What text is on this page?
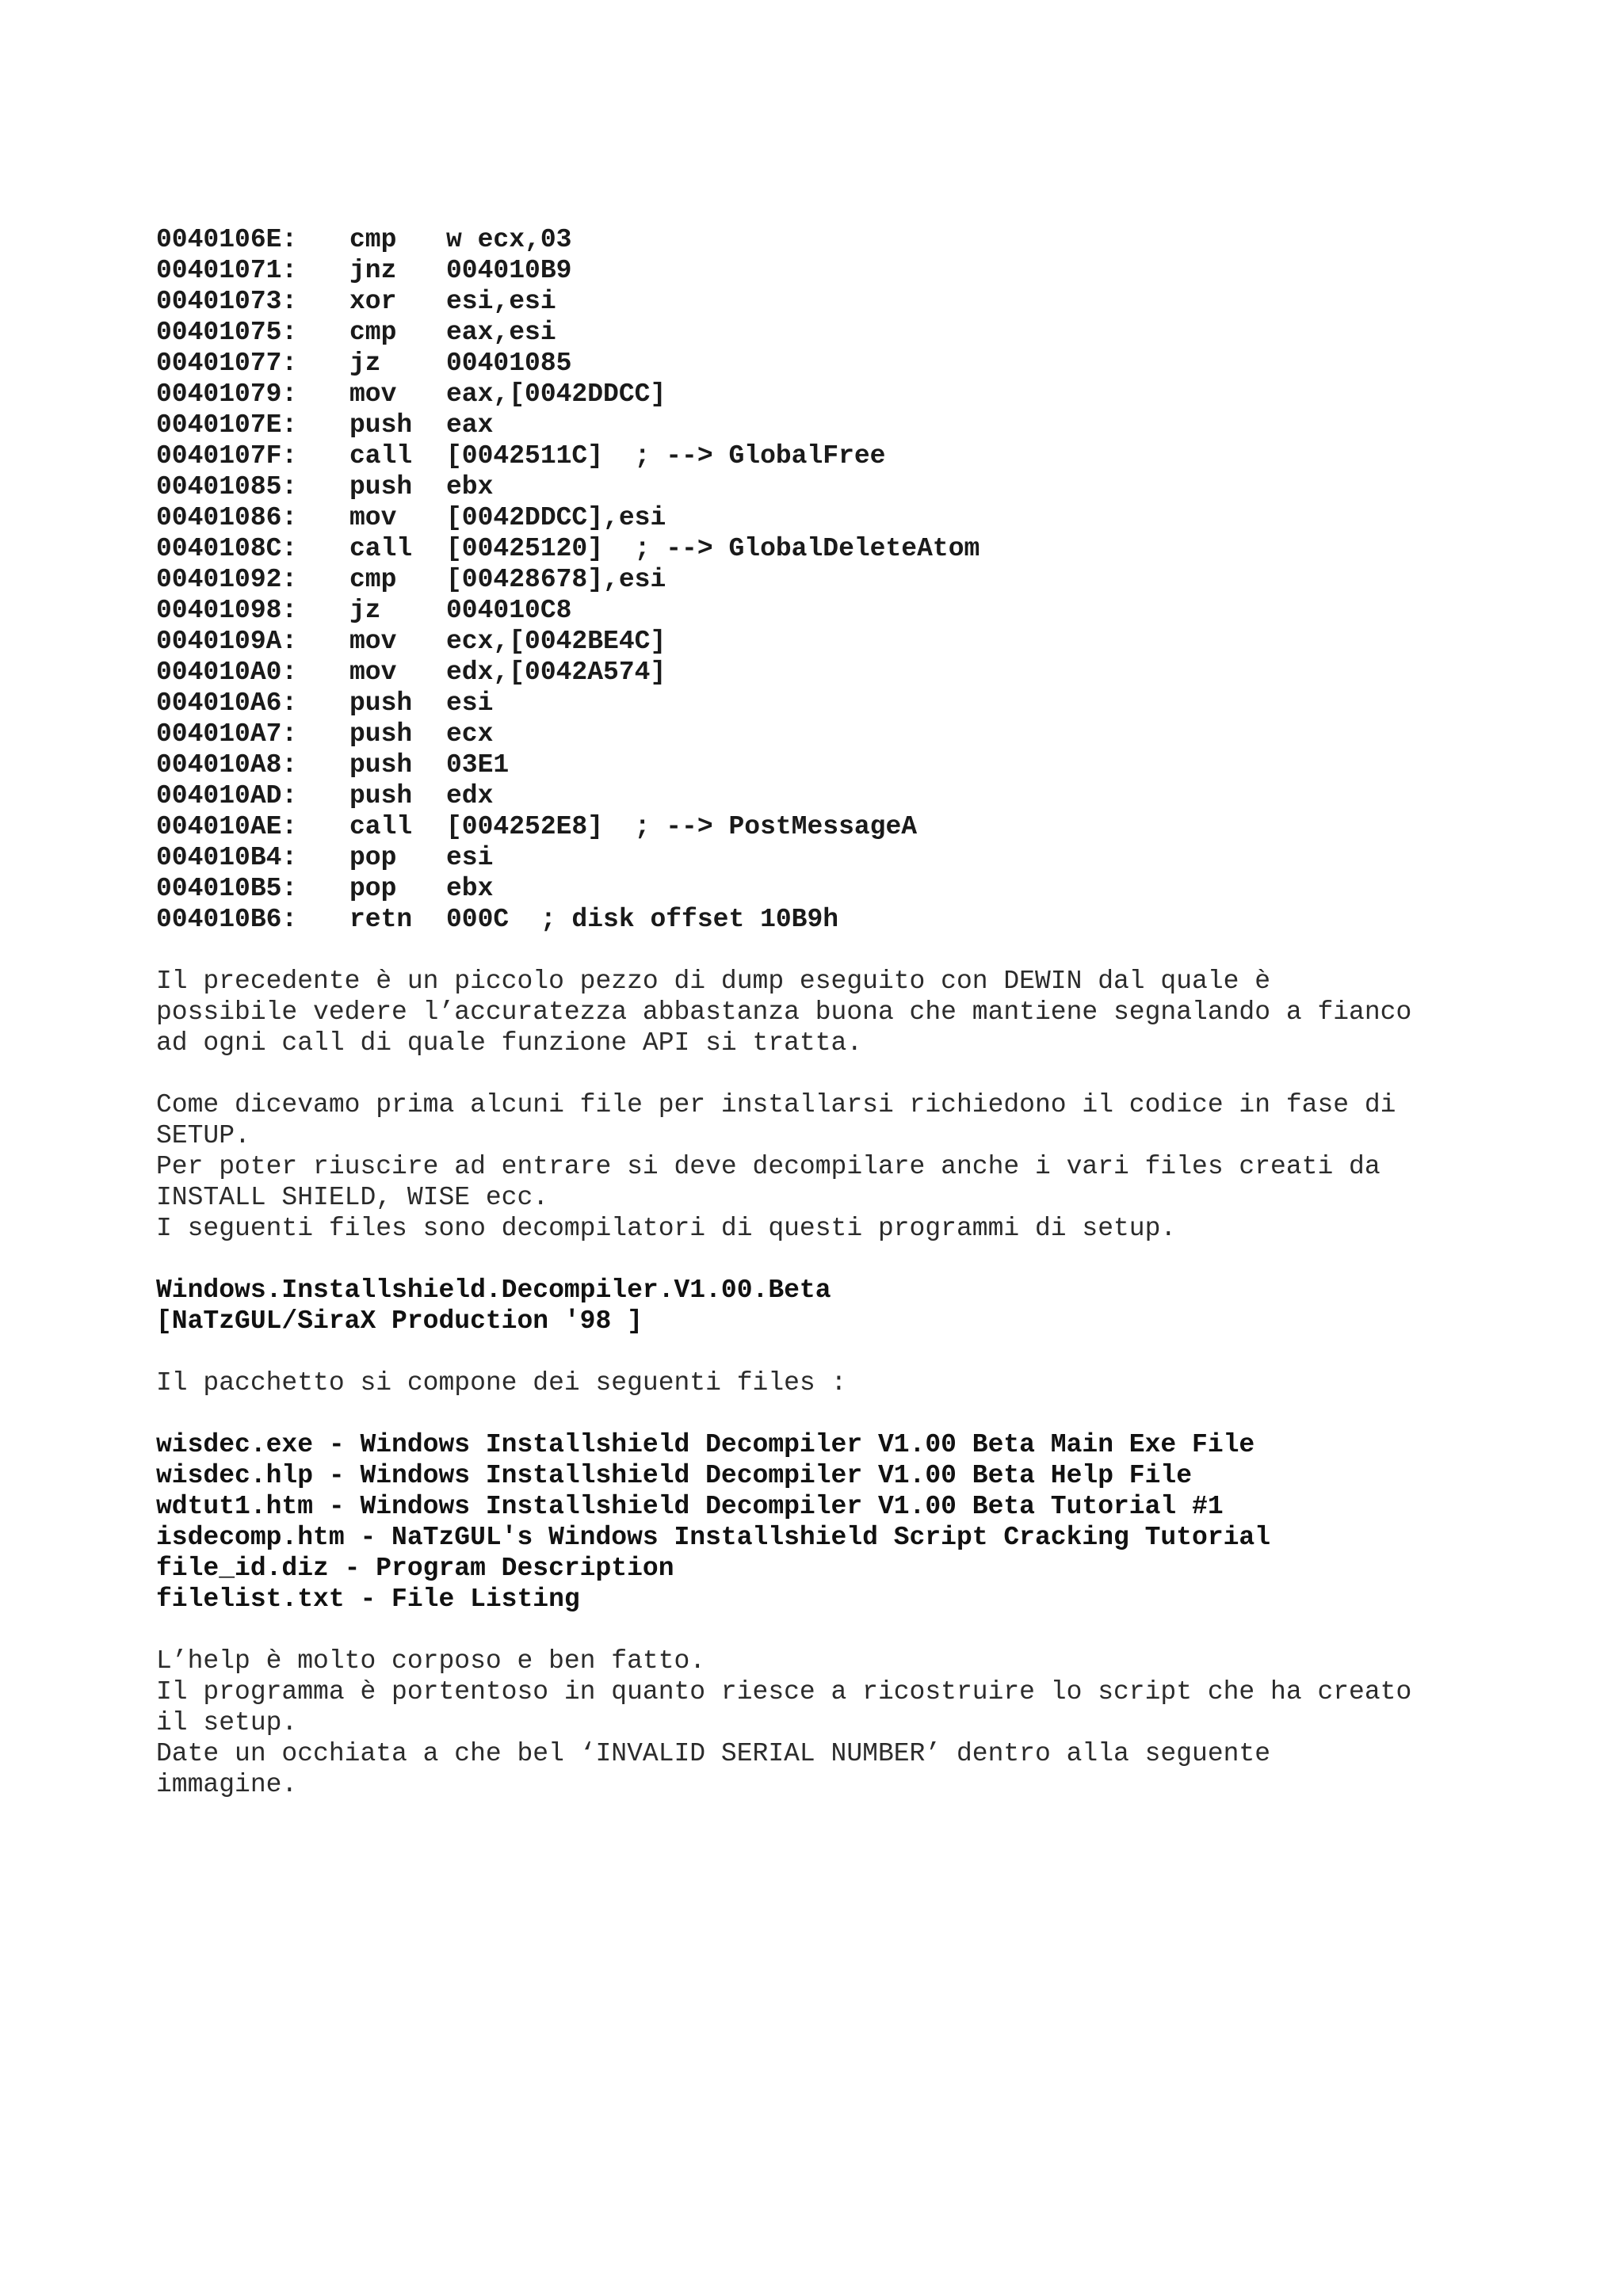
0040106E: cmp w ecx,03
00401071: jnz 004010B9
00401073: xor esi,esi
00401075: cmp eax,esi
00401077: jz 00401085
00401079: mov eax,[0042DDCC]
0040107E: push eax
0040107F: call [0042511C]  ; --> GlobalFree
00401085: push ebx
00401086: mov [0042DDCC],esi
0040108C: call [00425120]  ; --> GlobalDeleteAtom
00401092: cmp [00428678],esi
00401098: jz 004010C8
0040109A: mov ecx,[0042BE4C]
004010A0: mov edx,[0042A574]
004010A6: push esi
004010A7: push ecx
004010A8: push 03E1
004010AD: push edx
004010AE: call [004252E8]  ; --> PostMessageA
004010B4: pop esi
004010B5: pop ebx
004010B6: retn 000C  ; disk offset 10B9h
Il precedente è un piccolo pezzo di dump eseguito con DEWIN dal quale è
possibile vedere l’accuratezza abbastanza buona che mantiene segnalando a fianco
ad ogni call di quale funzione API si tratta.
Come dicevamo prima alcuni file per installarsi richiedono il codice in fase di
SETUP.
Per poter riuscire ad entrare si deve decompilare anche i vari files creati da
INSTALL SHIELD, WISE ecc.
I seguenti files sono decompilatori di questi programmi di setup.
Windows.Installshield.Decompiler.V1.00.Beta
[NaTzGUL/SiraX Production '98 ]
Il pacchetto si compone dei seguenti files :
wisdec.exe - Windows Installshield Decompiler V1.00 Beta Main Exe File
wisdec.hlp - Windows Installshield Decompiler V1.00 Beta Help File
wdtut1.htm - Windows Installshield Decompiler V1.00 Beta Tutorial #1
isdecomp.htm - NaTzGUL's Windows Installshield Script Cracking Tutorial
file_id.diz - Program Description
filelist.txt - File Listing
L’help è molto corposo e ben fatto.
Il programma è portentoso in quanto riesce a ricostruire lo script che ha creato
il setup.
Date un occhiata a che bel ‘INVALID SERIAL NUMBER’ dentro alla seguente
immagine.
